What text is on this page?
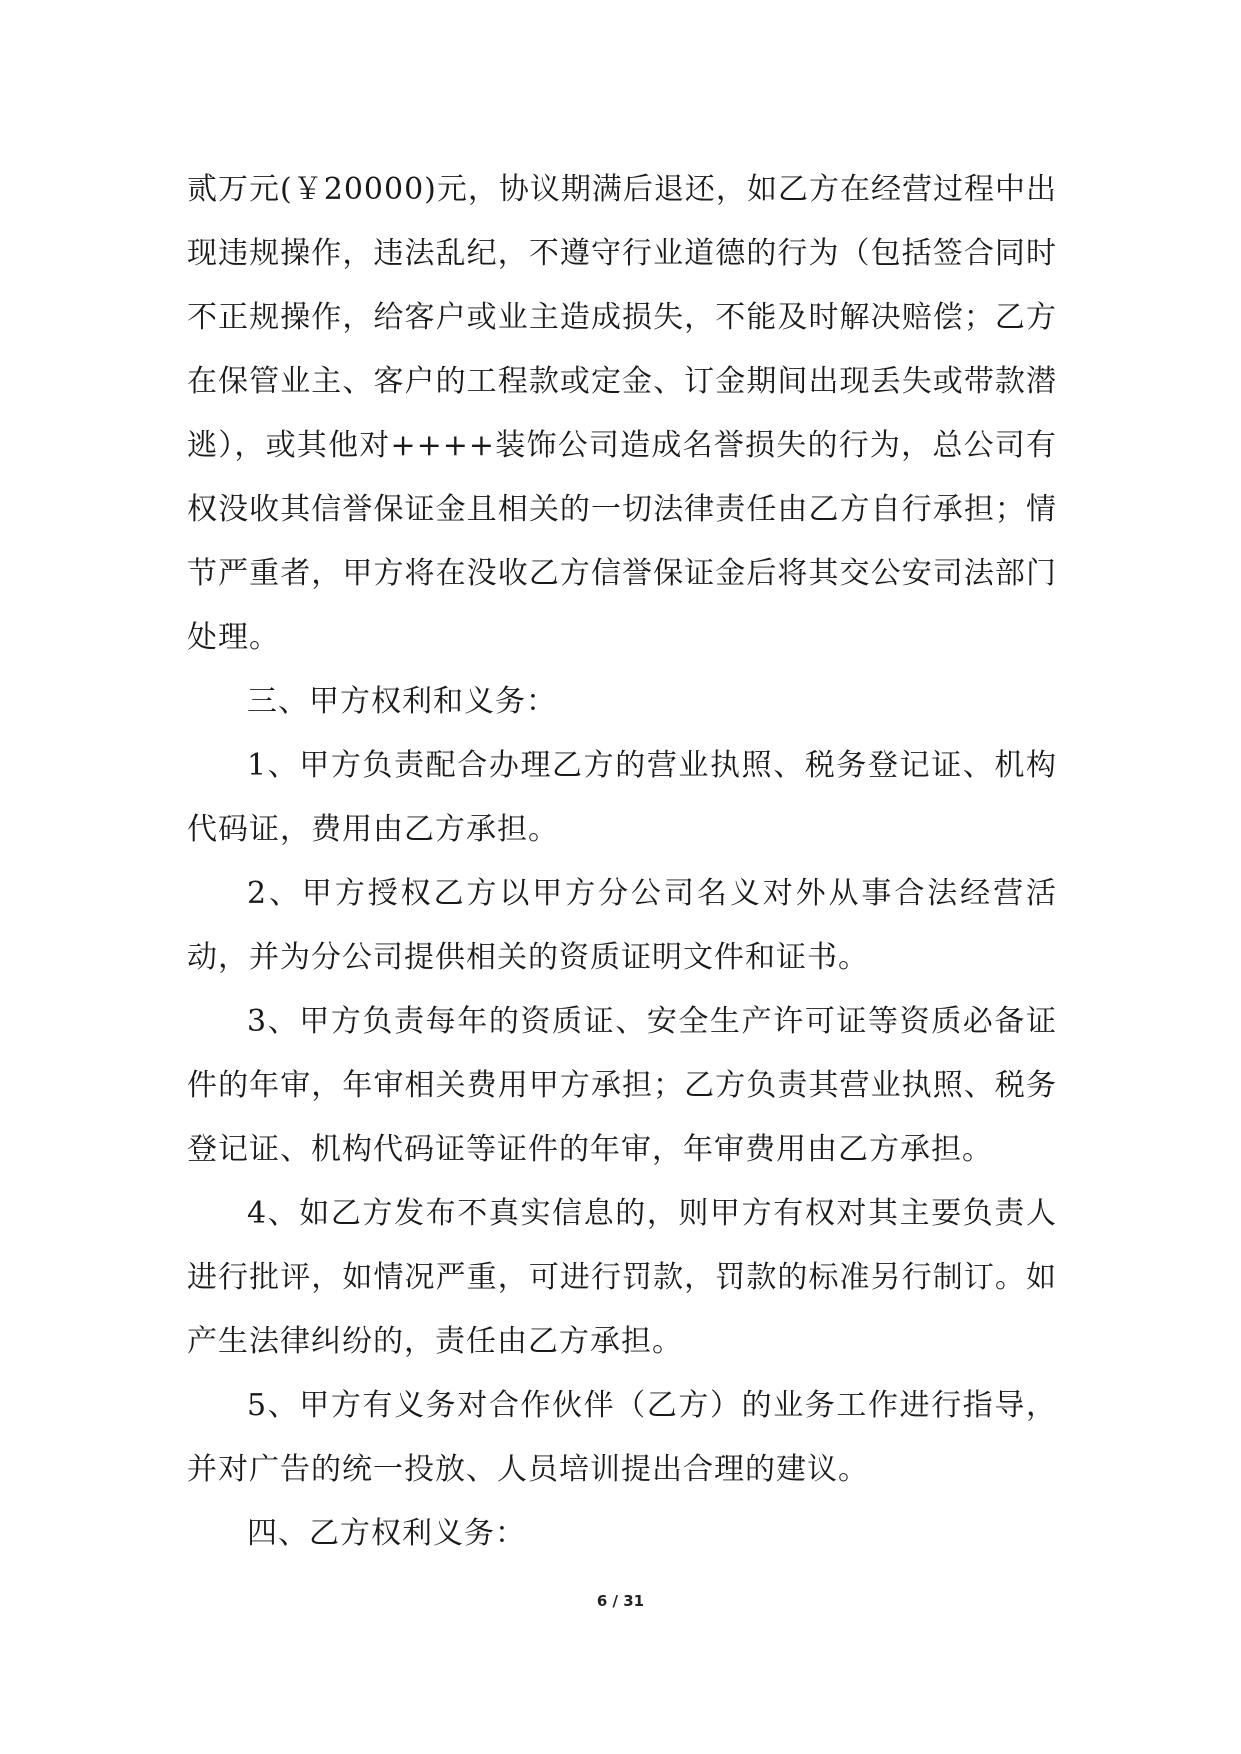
贰万元(￥20000)元，协议期满后退还，如乙方在经营过程中出现违规操作，违法乱纪，不遵守行业道德的行为（包括签合同时不正规操作，给客户或业主造成损失，不能及时解决赔偿；乙方在保管业主、客户的工程款或定金、订金期间出现丢失或带款潜逃），或其他对++++装饰公司造成名誉损失的行为，总公司有权没收其信誉保证金且相关的一切法律责任由乙方自行承担；情节严重者，甲方将在没收乙方信誉保证金后将其交公安司法部门处理。

三、甲方权利和义务：

1、甲方负责配合办理乙方的营业执照、税务登记证、机构代码证，费用由乙方承担。

2、甲方授权乙方以甲方分公司名义对外从事合法经营活动，并为分公司提供相关的资质证明文件和证书。

3、甲方负责每年的资质证、安全生产许可证等资质必备证件的年审，年审相关费用甲方承担；乙方负责其营业执照、税务登记证、机构代码证等证件的年审，年审费用由乙方承担。

4、如乙方发布不真实信息的，则甲方有权对其主要负责人进行批评，如情况严重，可进行罚款，罚款的标准另行制订。如产生法律纠纷的，责任由乙方承担。

5、甲方有义务对合作伙伴（乙方）的业务工作进行指导，并对广告的统一投放、人员培训提出合理的建议。

四、乙方权利义务：

6 / 31
